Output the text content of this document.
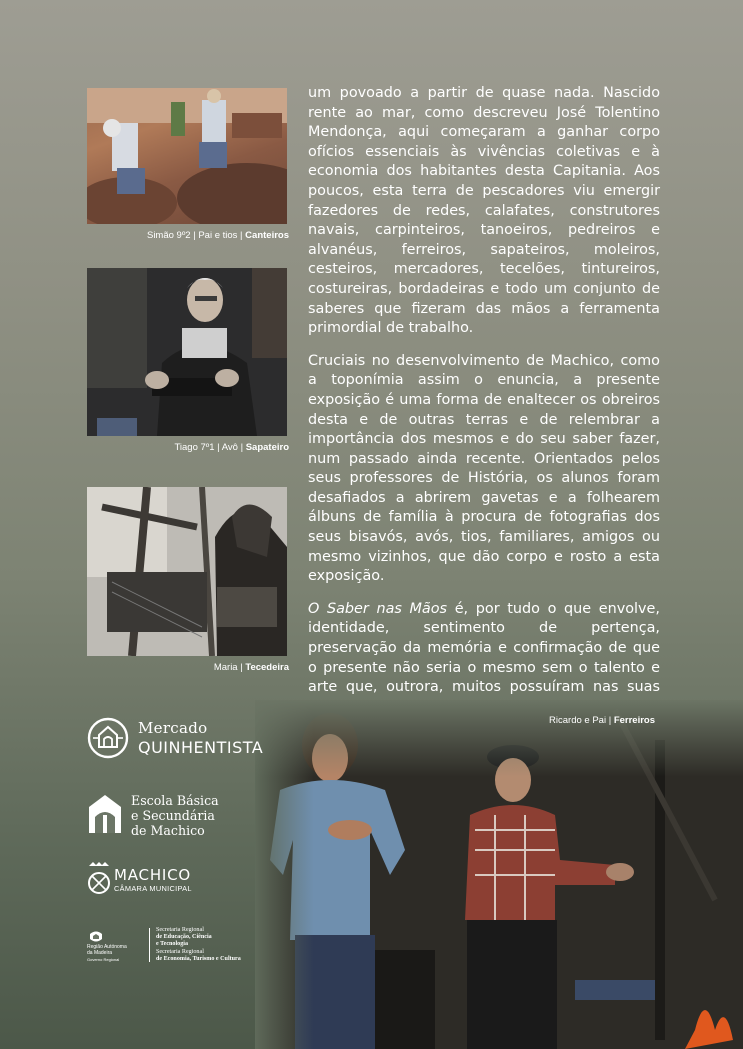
Simão 9º2 | Pai e tios | Canteiros
Tiago 7º1 | Avô | Sapateiro
Maria | Tecedeira

um povoado a partir de quase nada. Nascido rente ao mar, como descreveu José Tolentino Mendonça, aqui começaram a ganhar corpo ofícios essenciais às vivências coletivas e à economia dos habitantes desta Capitania. Aos poucos, esta terra de pescadores viu emergir fazedores de redes, calafates, construtores navais, carpinteiros, tanoeiros, pedreiros e alvanéus, ferreiros, sapateiros, moleiros, cesteiros, mercadores, tecelões, tintureiros, costureiras, bordadeiras e todo um conjunto de saberes que fizeram das mãos a ferramenta primordial de trabalho.

Cruciais no desenvolvimento de Machico, como a toponímia assim o enuncia, a presente exposição é uma forma de enaltecer os obreiros desta e de outras terras e de relembrar a importância dos mesmos e do seu saber fazer, num passado ainda recente. Orientados pelos seus professores de História, os alunos foram desafiados a abrirem gavetas e a folhearem álbuns de família à procura de fotografias dos seus bisavós, avós, tios, familiares, amigos ou mesmo vizinhos, que dão corpo e rosto a esta exposição.

O Saber nas Mãos é, por tudo o que envolve, identidade, sentimento de pertença, preservação da memória e confirmação de que o presente não seria o mesmo sem o talento e arte que, outrora, muitos possuíram nas suas

Ricardo e Pai | Ferreiros
Mercado
QUINHENTISTA
Escola Básica
e Secundária
de Machico
MACHICO
CÂMARA MUNICIPAL
Região Autónoma
da Madeira
Governo Regional
Secretaria Regional
de Educação, Ciência
e Tecnologia
Secretaria Regional
de Economia, Turismo e Cultura
